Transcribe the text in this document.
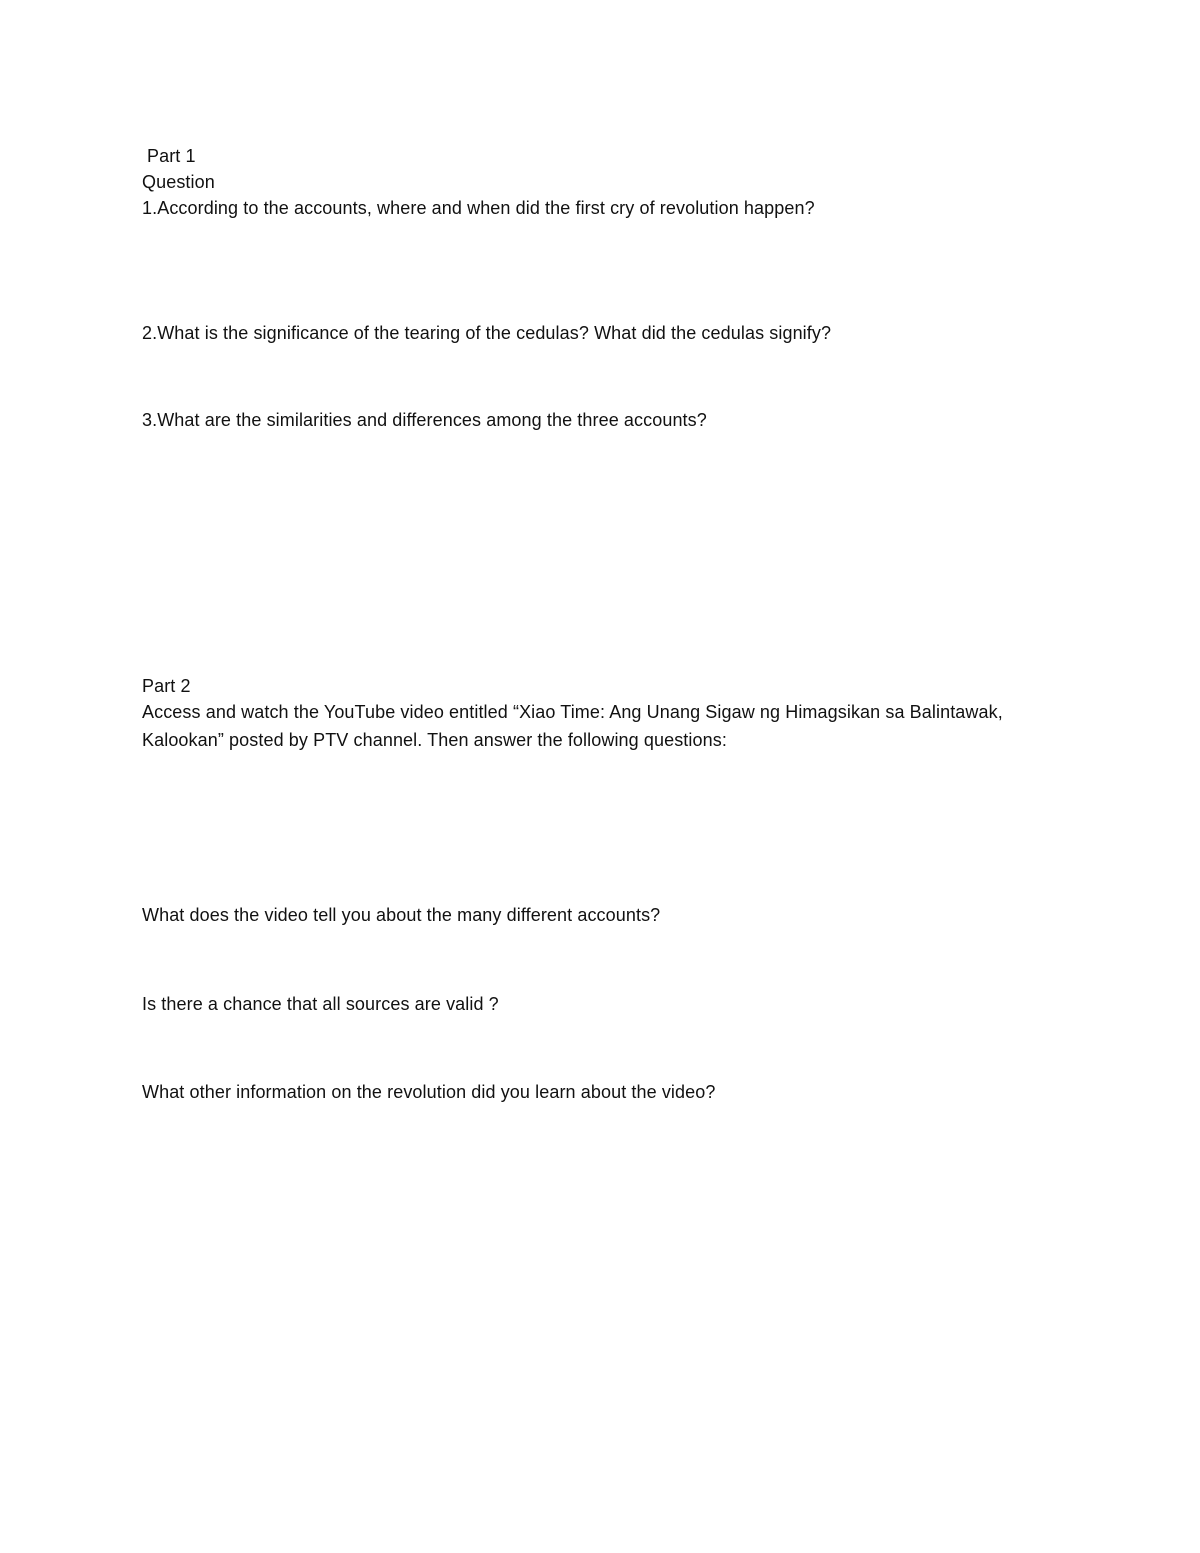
Part 1
Question
1.According to the accounts, where and when did the first cry of revolution happen?
2.What is the significance of the tearing of the cedulas? What did the cedulas signify?
3.What are the similarities and differences among the three accounts?
Part 2
Access and watch the YouTube video entitled “Xiao Time: Ang Unang Sigaw ng Himagsikan sa Balintawak,
Kalookan” posted by PTV channel. Then answer the following questions:
What does the video tell you about the many different accounts?
Is there a chance that all sources are valid ?
What other information on the revolution did you learn about the video?
